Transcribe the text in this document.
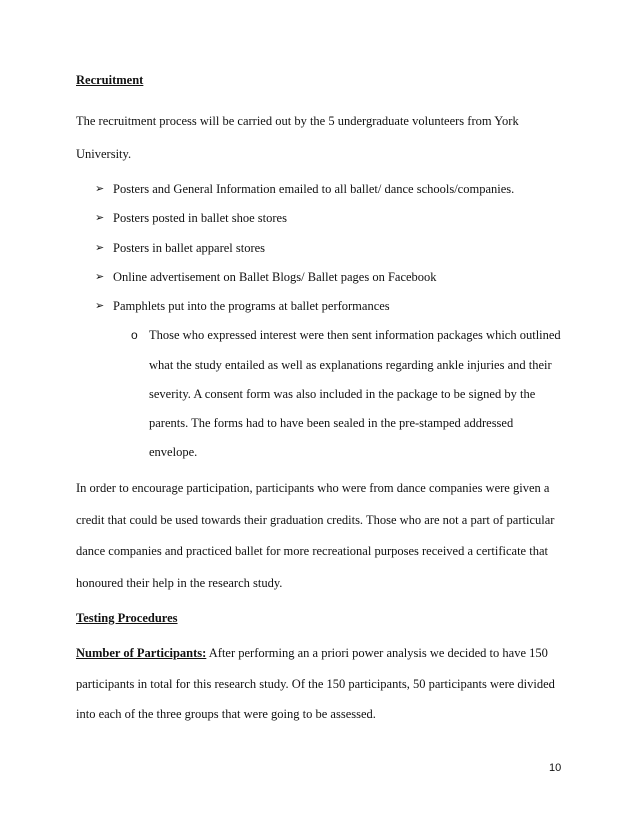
Recruitment
The recruitment process will be carried out by the 5 undergraduate volunteers from York
University.
➢ Posters and General Information emailed to all ballet/ dance schools/companies.
➢ Posters posted in ballet shoe stores
➢ Posters in ballet apparel stores
➢ Online advertisement on Ballet Blogs/ Ballet pages on Facebook
➢ Pamphlets put into the programs at ballet performances
o Those who expressed interest were then sent information packages which outlined
what the study entailed as well as explanations regarding ankle injuries and their
severity. A consent form was also included in the package to be signed by the
parents. The forms had to have been sealed in the pre-stamped addressed
envelope.
In order to encourage participation, participants who were from dance companies were given a
credit that could be used towards their graduation credits. Those who are not a part of particular
dance companies and practiced ballet for more recreational purposes received a certificate that
honoured their help in the research study.
Testing Procedures
Number of Participants: After performing an a priori power analysis we decided to have 150
participants in total for this research study. Of the 150 participants, 50 participants were divided
into each of the three groups that were going to be assessed.
10
